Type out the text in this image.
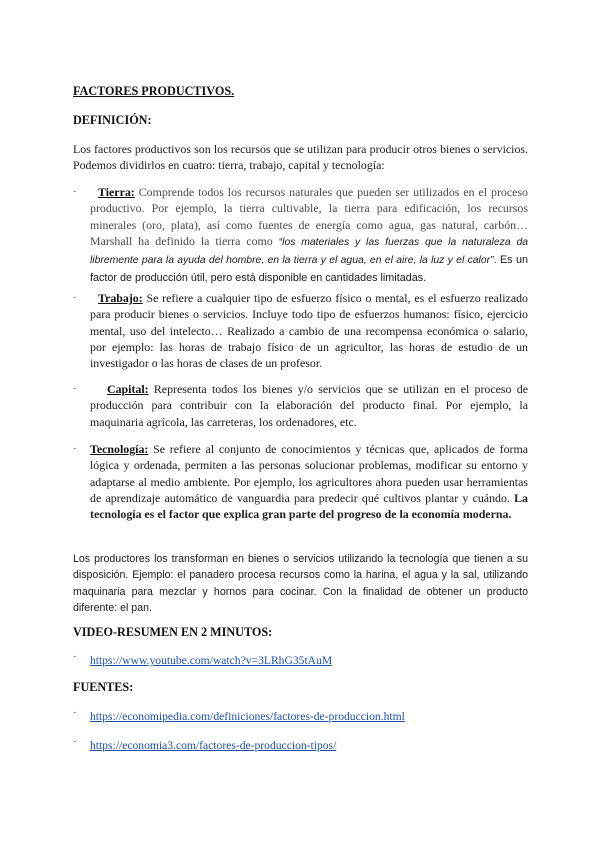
FACTORES PRODUCTIVOS.
DEFINICIÓN:

Los factores productivos son los recursos que se utilizan para producir otros bienes o servicios. Podemos dividirlos en cuatro: tierra, trabajo, capital y tecnología:

·	Tierra: Comprende todos los recursos naturales que pueden ser utilizados en el proceso productivo. Por ejemplo, la tierra cultivable, la tierra para edificación, los recursos minerales (oro, plata), así como fuentes de energía como agua, gas natural, carbón… Marshall ha definido la tierra como “los materiales y las fuerzas que la naturaleza da libremente para la ayuda del hombre, en la tierra y el agua, en el aire, la luz y el calor”. Es un factor de producción útil, pero está disponible en cantidades limitadas.

·	Trabajo: Se refiere a cualquier tipo de esfuerzo físico o mental, es el esfuerzo realizado para producir bienes o servicios. Incluye todo tipo de esfuerzos humanos: físico, ejercicio mental, uso del intelecto… Realizado a cambio de una recompensa económica o salario, por ejemplo: las horas de trabajo físico de un agricultor, las horas de estudio de un investigador o las horas de clases de un profesor.

·	Capital: Representa todos los bienes y/o servicios que se utilizan en el proceso de producción para contribuir con la elaboración del producto final. Por ejemplo, la maquinaria agrícola, las carreteras, los ordenadores, etc.

· Tecnología: Se refiere al conjunto de conocimientos y técnicas que, aplicados de forma lógica y ordenada, permiten a las personas solucionar problemas, modificar su entorno y adaptarse al medio ambiente. Por ejemplo, los agricultores ahora pueden usar herramientas de aprendizaje automático de vanguardia para predecir qué cultivos plantar y cuándo. La tecnología es el factor que explica gran parte del progreso de la economía moderna.

Los productores los transforman en bienes o servicios utilizando la tecnología que tienen a su disposición. Ejemplo: el panadero procesa recursos como la harina, el agua y la sal, utilizando maquinaria para mezclar y hornos para cocinar. Con la finalidad de obtener un producto diferente: el pan.

VIDEO-RESUMEN EN 2 MINUTOS:
· https://www.youtube.com/watch?v=3LRhG35tAuM

FUENTES:
· https://economipedia.com/definiciones/factores-de-produccion.html

· https://economia3.com/factores-de-produccion-tipos/
